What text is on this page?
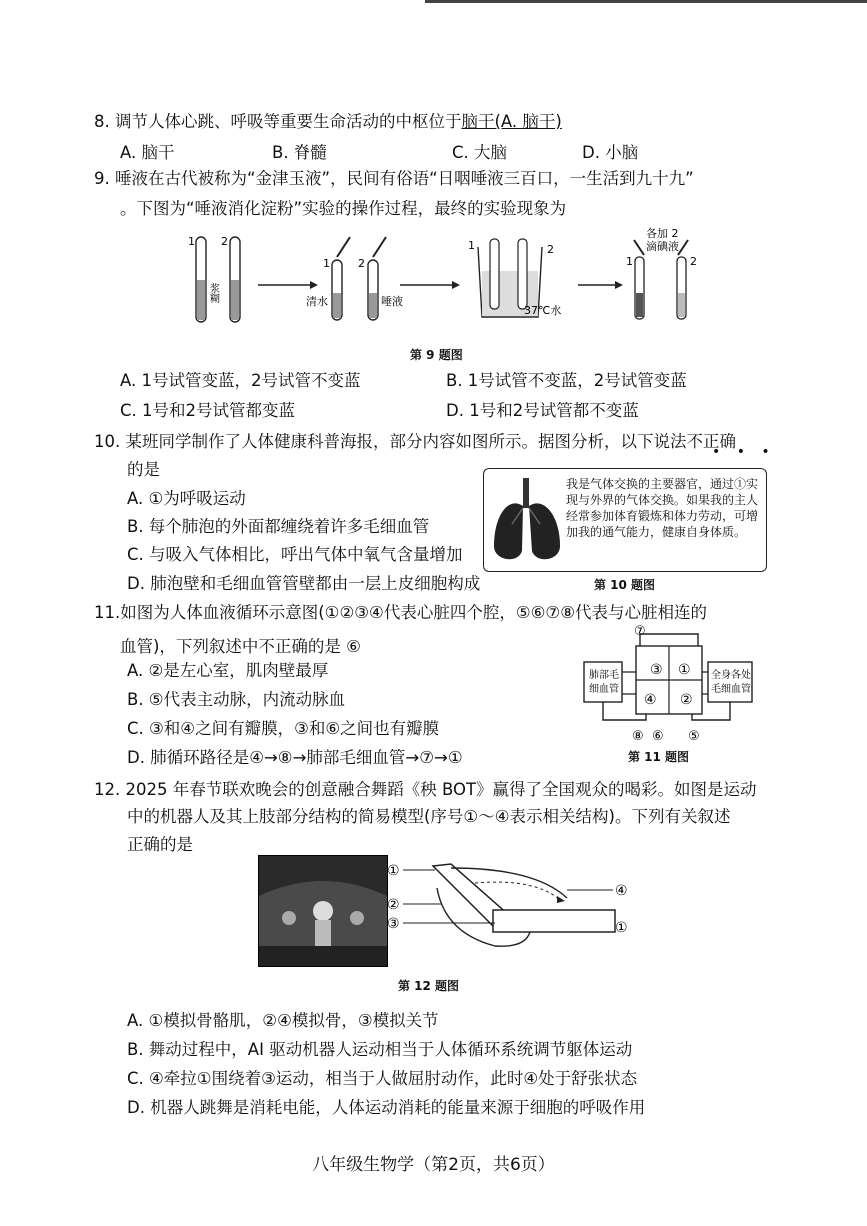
8. 调节人体心跳、呼吸等重要生命活动的中枢位于脑干(A. 脑干)
A. 脑干	B. 脊髓	C. 大脑	D. 小脑
9. 唾液在古代被称为“金津玉液”，民间有俗语“日咽唾液三百口，一生活到九十九”
。下图为“唾液消化淀粉”实验的操作过程，最终的实验现象为
1 2
浆糊
1	2
清水	唾液
1	2
37℃水
各加 2
滴碘液
1	2
第 9 题图
A. 1号试管变蓝，2号试管不变蓝	B. 1号试管不变蓝，2号试管变蓝
C. 1号和2号试管都变蓝	D. 1号和2号试管都不变蓝
10. 某班同学制作了人体健康科普海报，部分内容如图所示。据图分析，以下说法不正确
• • •
的是
我是气体交换的主要器官，通过①实现与外界的气体交换。如果我的主人经常参加体育锻炼和体力劳动，可增加我的通气能力，健康自身体质。
第 10 题图
A. ①为呼吸运动
B. 每个肺泡的外面都缠绕着许多毛细血管
C. 与吸入气体相比，呼出气体中氧气含量增加
D. 肺泡壁和毛细血管管壁都由一层上皮细胞构成
11.如图为人体血液循环示意图(①②③④代表心脏四个腔，⑤⑥⑦⑧代表与心脏相连的
血管)，下列叙述中不正确的是 ⑥
⑦
③ ①
④ ②
肺部毛
细血管
全身各处
毛细血管
⑧	⑤
⑥
第 11 题图
A. ②是左心室，肌肉壁最厚
B. ⑤代表主动脉，内流动脉血
C. ③和④之间有瓣膜，③和⑥之间也有瓣膜
D. 肺循环路径是④→⑧→肺部毛细血管→⑦→①
12. 2025 年春节联欢晚会的创意融合舞蹈《秧 BOT》赢得了全国观众的喝彩。如图是运动
中的机器人及其上肢部分结构的简易模型(序号①～④表示相关结构)。下列有关叙述
正确的是
①
②
③
④
①
第 12 题图
A. ①模拟骨骼肌，②④模拟骨，③模拟关节
B. 舞动过程中，AI 驱动机器人运动相当于人体循环系统调节躯体运动
C. ④牵拉①围绕着③运动，相当于人做屈肘动作，此时④处于舒张状态
D. 机器人跳舞是消耗电能，人体运动消耗的能量来源于细胞的呼吸作用
八年级生物学（第2页，共6页）
